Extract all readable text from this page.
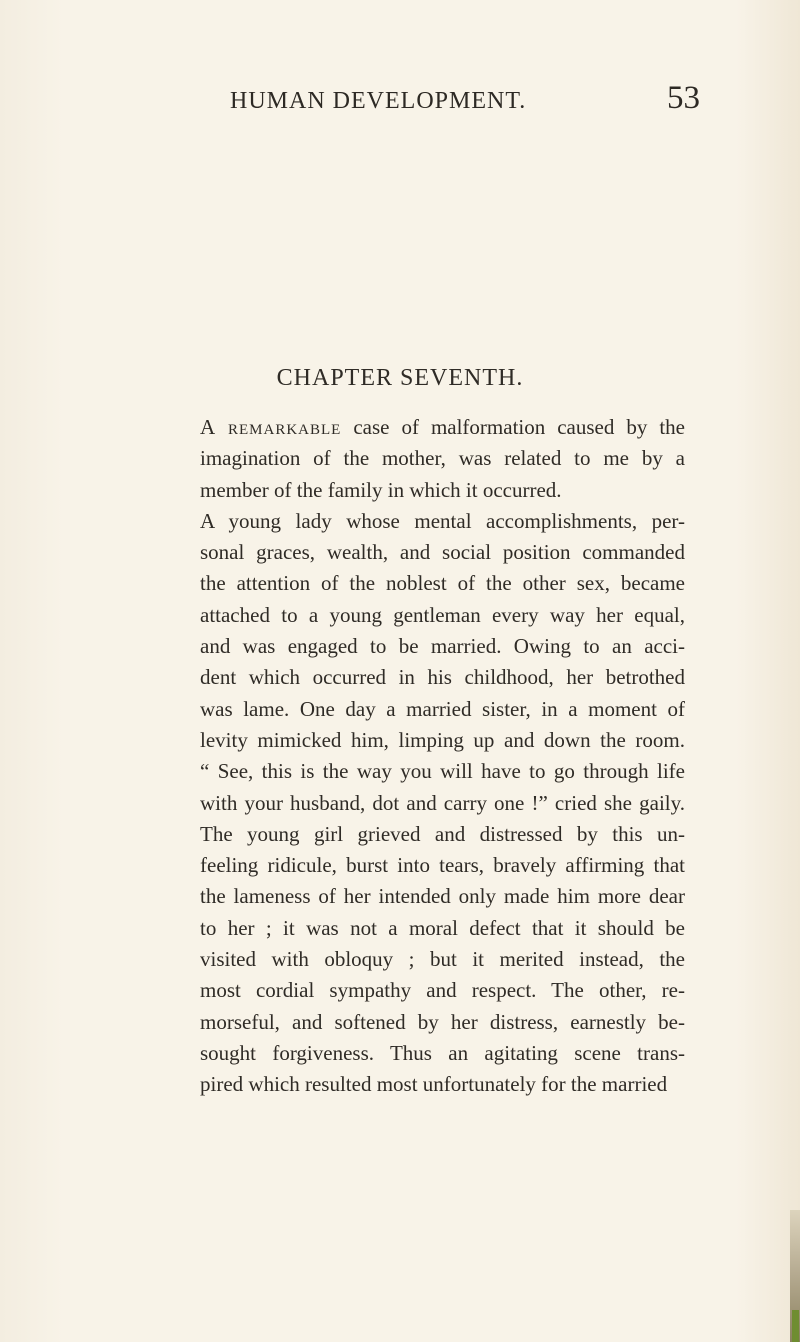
HUMAN DEVELOPMENT.	53
CHAPTER SEVENTH.
A remarkable case of malformation caused by the
imagination of the mother, was related to me by a
member of the family in which it occurred.
A young lady whose mental accomplishments, per-
sonal graces, wealth, and social position commanded
the attention of the noblest of the other sex, became
attached to a young gentleman every way her equal,
and was engaged to be married. Owing to an acci-
dent which occurred in his childhood, her betrothed
was lame. One day a married sister, in a moment of
levity mimicked him, limping up and down the room.
“ See, this is the way you will have to go through life
with your husband, dot and carry one !” cried she gaily.
The young girl grieved and distressed by this un-
feeling ridicule, burst into tears, bravely affirming that
the lameness of her intended only made him more dear
to her ; it was not a moral defect that it should be
visited with obloquy ; but it merited instead, the
most cordial sympathy and respect. The other, re-
morseful, and softened by her distress, earnestly be-
sought forgiveness. Thus an agitating scene trans-
pired which resulted most unfortunately for the married
